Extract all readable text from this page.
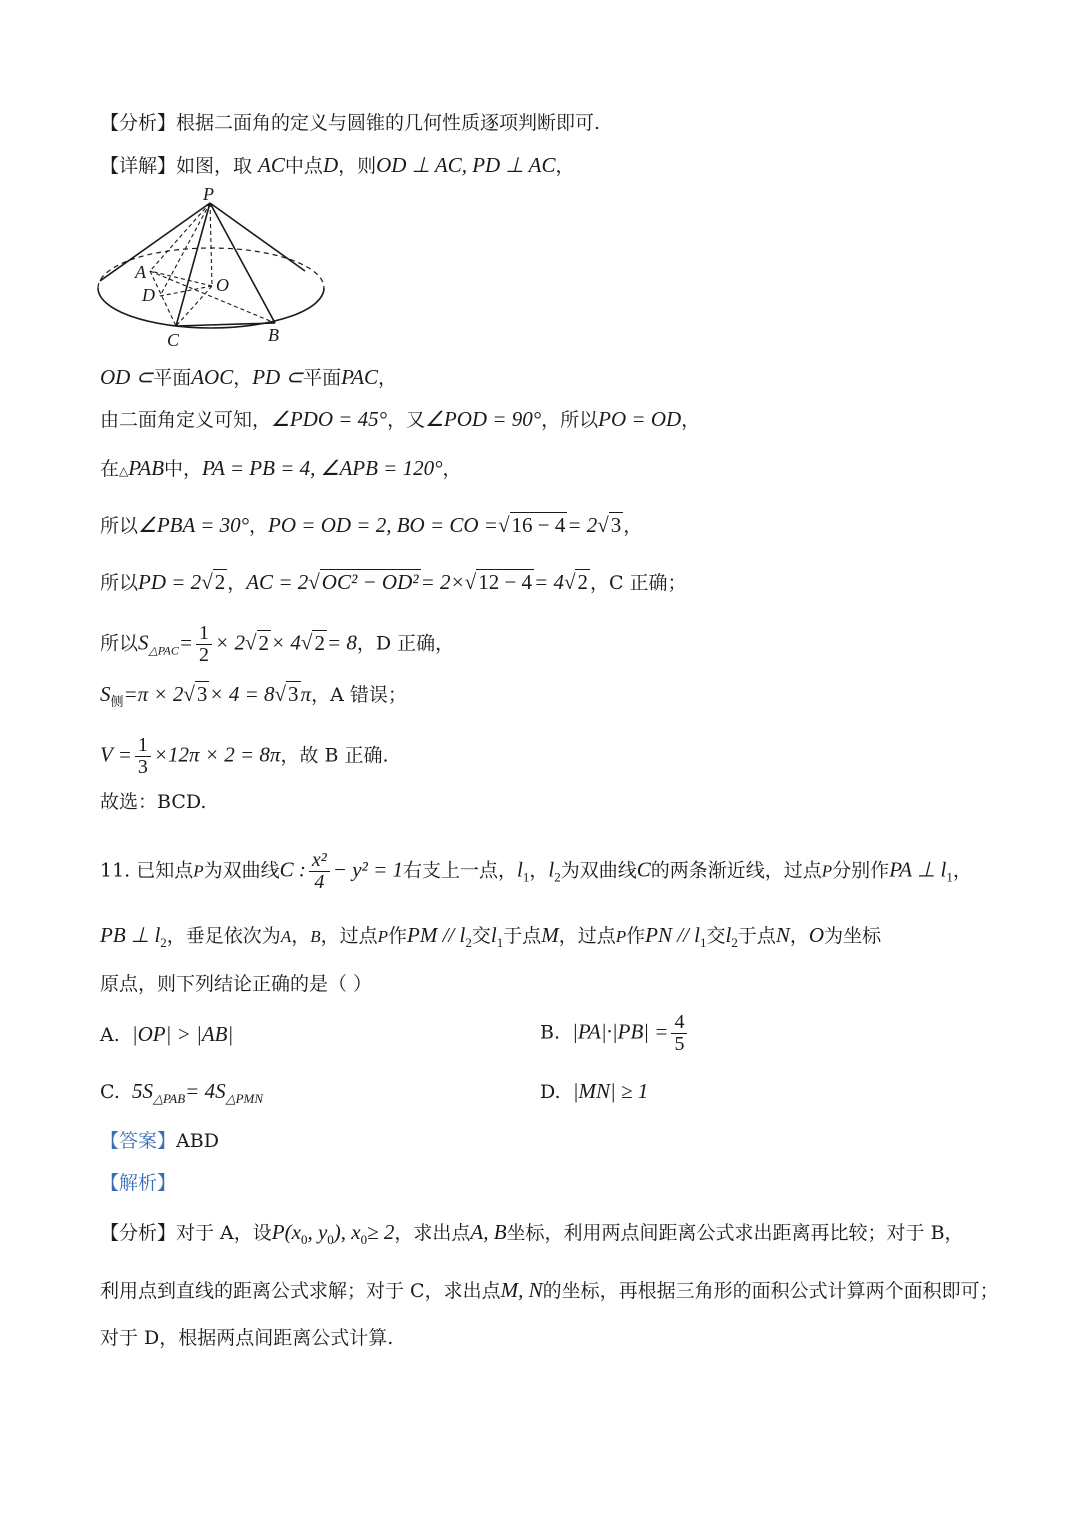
【分析】根据二面角的定义与圆锥的几何性质逐项判断即可.
【详解】如图，取 AC中点D，则OD ⊥ AC, PD ⊥ AC，
P
A
D	O
C	B
OD ⊂平面AOC，PD ⊂平面PAC，
由二面角定义可知，∠PDO = 45°，又∠POD = 90°，所以PO = OD，
在△PAB中，PA = PB = 4, ∠APB = 120°，
所以∠PBA = 30°，PO = OD = 2, BO = CO =√16 − 4= 2√3 ，
所以PD = 2√2 ，AC = 2√OC² − OD²= 2×√12 − 4= 4√2 ，C 正确；
所以$S_{\triangle PAC}= \frac{1}{2} \times 2√2\times 4√2= 8$，D 正确，
$S_侧=\pi \times 2√3\times 4 = 8√3\pi$，A 错误；
$V = \frac{1}{3} \times 12\pi \times 2 = 8\pi$，故 B 正确.
故选：BCD.
11. 已知点P为双曲线C : $\frac{\text{x²}}{4} - y^2 = 1$右支上一点，$l_1$，$l_2$为双曲线C的两条渐近线，过点P分别作PA ⊥ $l_1$，
PB ⊥ $l_2$，垂足依次为A，B，过点P作PM // $l_2$交$l_1$于点M，过点P作PN // $l_1$交$l_2$于点N，O为坐标
原点，则下列结论正确的是（ ）
A. |OP| > |AB|	B. $|PA|\cdot|PB| = \frac{4}{5}$
C. $5S_{\triangle PAB}= 4S_{\triangle PMN}$	D. |MN| ≥ 1
【答案】ABD
【解析】
【分析】对于 A，设$P(x_0$, $y_0$), $x_0\ge 2$，求出点A, B坐标，利用两点间距离公式求出距离再比较；对于 B，
利用点到直线的距离公式求解；对于 C，求出点M, N的坐标，再根据三角形的面积公式计算两个面积即可；
对于 D，根据两点间距离公式计算.
